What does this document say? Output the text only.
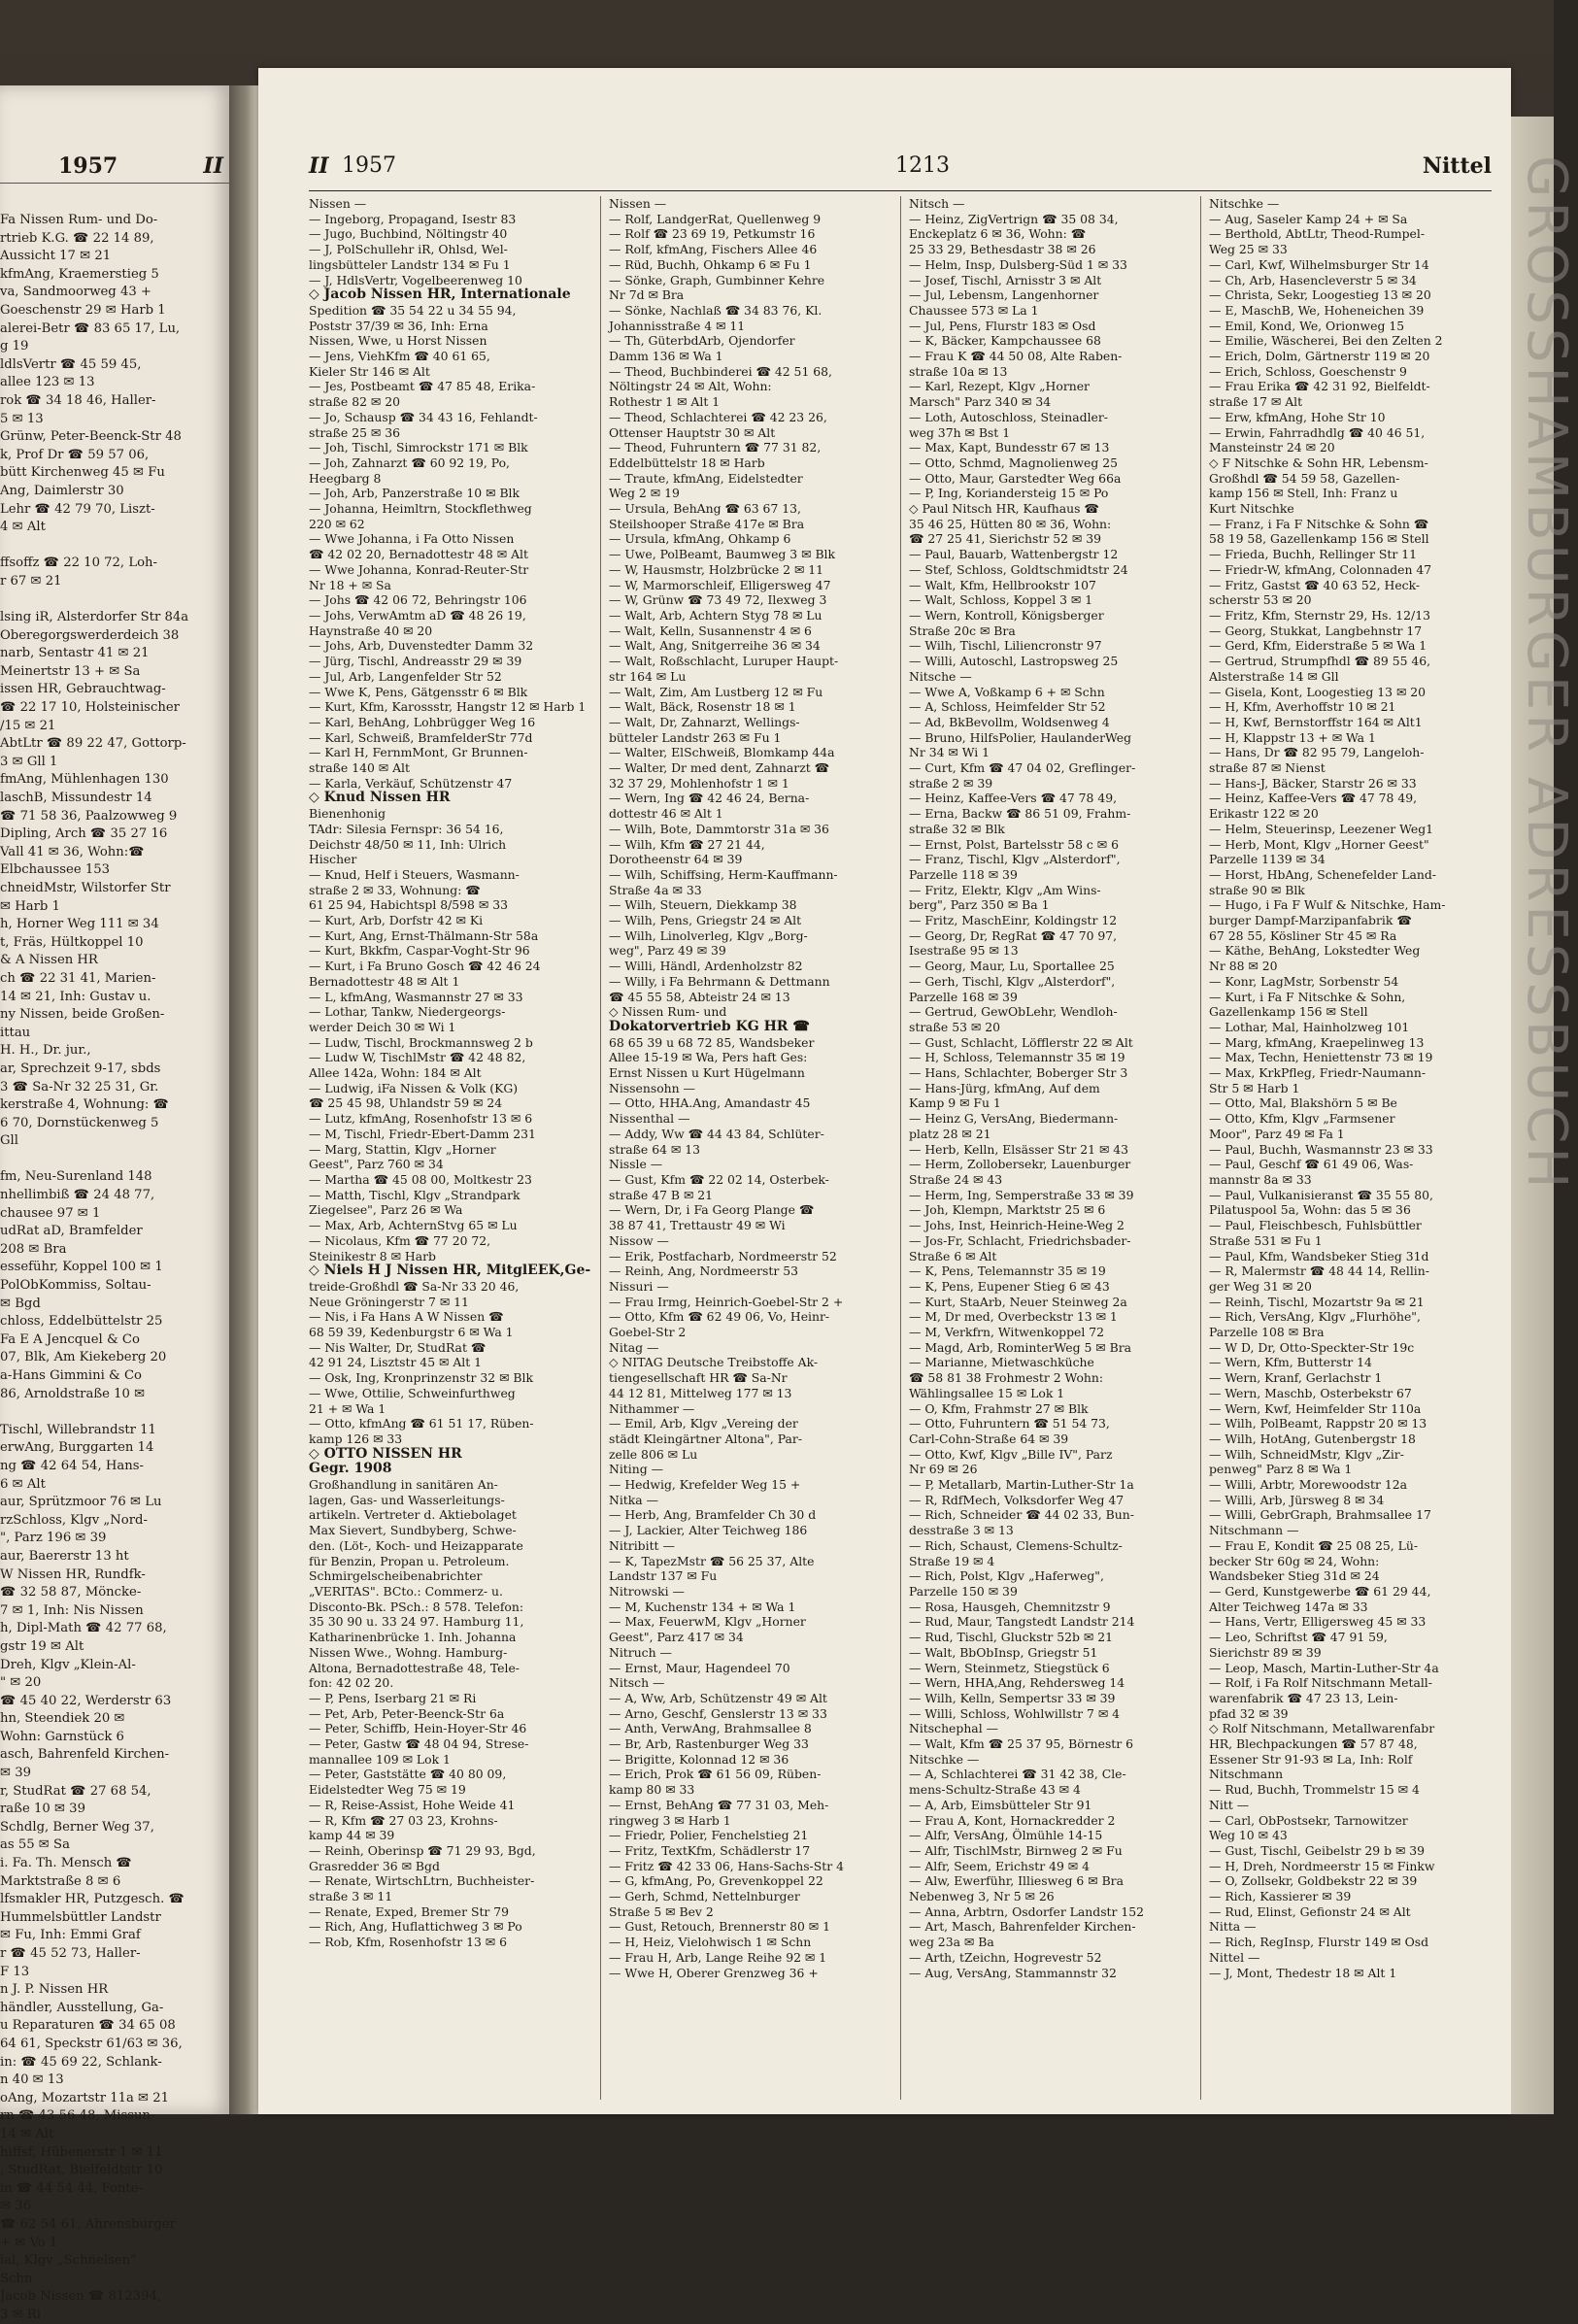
1957	II
Fa Nissen Rum- und Do-
rtrieb K.G. ☎ 22 14 89,
Aussicht 17 ✉ 21
kfmAng, Kraemerstieg 5
va, Sandmoorweg 43 +
Goeschenstr 29 ✉ Harb 1
alerei-Betr ☎ 83 65 17, Lu,
g 19
ldlsVertr ☎ 45 59 45,
allee 123 ✉ 13
rok ☎ 34 18 46, Haller-
5 ✉ 13
Grünw, Peter-Beenck-Str 48
k, Prof Dr ☎ 59 57 06,
bütt Kirchenweg 45 ✉ Fu
Ang, Daimlerstr 30
Lehr ☎ 42 79 70, Liszt-
4 ✉ Alt

ffsoffz ☎ 22 10 72, Loh-
r 67 ✉ 21

lsing iR, Alsterdorfer Str 84a
Oberegorgswerderdeich 38
narb, Sentastr 41 ✉ 21
Meinertstr 13 + ✉ Sa
issen HR, Gebrauchtwag-
☎ 22 17 10, Holsteinischer
/15 ✉ 21
AbtLtr ☎ 89 22 47, Gottorp-
3 ✉ Gll 1
fmAng, Mühlenhagen 130
laschB, Missundestr 14
☎ 71 58 36, Paalzowweg 9
Dipling, Arch ☎ 35 27 16
Vall 41 ✉ 36, Wohn:☎
Elbchaussee 153
chneidMstr, Wilstorfer Str
✉ Harb 1
h, Horner Weg 111 ✉ 34
t, Fräs, Hültkoppel 10
& A Nissen HR
ch ☎ 22 31 41, Marien-
14 ✉ 21, Inh: Gustav u.
ny Nissen, beide Großen-
ittau
H. H., Dr. jur.,
ar, Sprechzeit 9-17, sbds
3 ☎ Sa-Nr 32 25 31, Gr.
kerstraße 4, Wohnung: ☎
6 70, Dornstückenweg 5
Gll

fm, Neu-Surenland 148
nhellimbiß ☎ 24 48 77,
chausee 97 ✉ 1
udRat aD, Bramfelder
208 ✉ Bra
esseführ, Koppel 100 ✉ 1
PolObKommiss, Soltau-
✉ Bgd
chloss, Eddelbüttelstr 25
Fa E A Jencquel & Co
07, Blk, Am Kiekeberg 20
a-Hans Gimmini & Co
86, Arnoldstraße 10 ✉

Tischl, Willebrandstr 11
erwAng, Burggarten 14
ng ☎ 42 64 54, Hans-
6 ✉ Alt
aur, Sprützmoor 76 ✉ Lu
rzSchloss, Klgv „Nord-
", Parz 196 ✉ 39
aur, Baererstr 13 ht
W Nissen HR, Rundfk-
☎ 32 58 87, Möncke-
7 ✉ 1, Inh: Nis Nissen
h, Dipl-Math ☎ 42 77 68,
gstr 19 ✉ Alt
Dreh, Klgv „Klein-Al-
" ✉ 20
☎ 45 40 22, Werderstr 63
hn, Steendiek 20 ✉
Wohn: Garnstück 6
asch, Bahrenfeld Kirchen-
✉ 39
r, StudRat ☎ 27 68 54,
raße 10 ✉ 39
Schdlg, Berner Weg 37,
as 55 ✉ Sa
i. Fa. Th. Mensch ☎
Marktstraße 8 ✉ 6
lfsmakler HR, Putzgesch. ☎
Hummelsbüttler Landstr
✉ Fu, Inh: Emmi Graf
r ☎ 45 52 73, Haller-
F 13
n J. P. Nissen HR
händler, Ausstellung, Ga-
u Reparaturen ☎ 34 65 08
64 61, Speckstr 61/63 ✉ 36,
in: ☎ 45 69 22, Schlank-
n 40 ✉ 13
oAng, Mozartstr 11a ✉ 21
rn ☎ 43 56 48, Missun-
14 ✉ Alt
hiffsf, Hübenerstr 1 ✉ 11
, StudRat, Bielfeldtstr 10
in ☎ 44 54 44, Fonte-
✉ 36
☎ 62 54 61, Ahrensburger
+ ✉ Vo 1
ial, Klgv „Schnelsen"
Schn
Jacob Nissen ☎ 812394,
3 ✉ Ri
II 1957	1213	Nittel
Nissen —
— Ingeborg, Propagand, Isestr 83
— Jugo, Buchbind, Nöltingstr 40
— J, PolSchullehr iR, Ohlsd, Wel-
lingsbütteler Landstr 134 ✉ Fu 1
— J, HdlsVertr, Vogelbeerenweg 10
◇ Jacob Nissen HR, Internationale
Spedition ☎ 35 54 22 u 34 55 94,
Poststr 37/39 ✉ 36, Inh: Erna
Nissen, Wwe, u Horst Nissen
— Jens, ViehKfm ☎ 40 61 65,
Kieler Str 146 ✉ Alt
— Jes, Postbeamt ☎ 47 85 48, Erika-
straße 82 ✉ 20
— Jo, Schausp ☎ 34 43 16, Fehlandt-
straße 25 ✉ 36
— Joh, Tischl, Simrockstr 171 ✉ Blk
— Joh, Zahnarzt ☎ 60 92 19, Po,
Heegbarg 8
— Joh, Arb, Panzerstraße 10 ✉ Blk
— Johanna, Heimltrn, Stockflethweg
220 ✉ 62
— Wwe Johanna, i Fa Otto Nissen
☎ 42 02 20, Bernadottestr 48 ✉ Alt
— Wwe Johanna, Konrad-Reuter-Str
Nr 18 + ✉ Sa
— Johs ☎ 42 06 72, Behringstr 106
— Johs, VerwAmtm aD ☎ 48 26 19,
Haynstraße 40 ✉ 20
— Johs, Arb, Duvenstedter Damm 32
— Jürg, Tischl, Andreasstr 29 ✉ 39
— Jul, Arb, Langenfelder Str 52
— Wwe K, Pens, Gätgensstr 6 ✉ Blk
— Kurt, Kfm, Karossstr, Hangstr 12 ✉ Harb 1
— Karl, BehAng, Lohbrügger Weg 16
— Karl, Schweiß, BramfelderStr 77d
— Karl H, FernmMont, Gr Brunnen-
straße 140 ✉ Alt
— Karla, Verkäuf, Schützenstr 47
◇ Knud Nissen HR
Bienenhonig
TAdr: Silesia Fernspr: 36 54 16,
Deichstr 48/50 ✉ 11, Inh: Ulrich
Hischer
— Knud, Helf i Steuers, Wasmann-
straße 2 ✉ 33, Wohnung: ☎
61 25 94, Habichtspl 8/598 ✉ 33
— Kurt, Arb, Dorfstr 42 ✉ Ki
— Kurt, Ang, Ernst-Thälmann-Str 58a
— Kurt, Bkkfm, Caspar-Voght-Str 96
— Kurt, i Fa Bruno Gosch ☎ 42 46 24
Bernadottestr 48 ✉ Alt 1
— L, kfmAng, Wasmannstr 27 ✉ 33
— Lothar, Tankw, Niedergeorgs-
werder Deich 30 ✉ Wi 1
— Ludw, Tischl, Brockmannsweg 2 b
— Ludw W, TischlMstr ☎ 42 48 82,
Allee 142a, Wohn: 184 ✉ Alt
— Ludwig, iFa Nissen & Volk (KG)
☎ 25 45 98, Uhlandstr 59 ✉ 24
— Lutz, kfmAng, Rosenhofstr 13 ✉ 6
— M, Tischl, Friedr-Ebert-Damm 231
— Marg, Stattin, Klgv „Horner
Geest", Parz 760 ✉ 34
— Martha ☎ 45 08 00, Moltkestr 23
— Matth, Tischl, Klgv „Strandpark
Ziegelsee", Parz 26 ✉ Wa
— Max, Arb, AchternStvg 65 ✉ Lu
— Nicolaus, Kfm ☎ 77 20 72,
Steinikestr 8 ✉ Harb
◇ Niels H J Nissen HR, MitglEEK,Ge-
treide-Großhdl ☎ Sa-Nr 33 20 46,
Neue Gröningerstr 7 ✉ 11
— Nis, i Fa Hans A W Nissen ☎
68 59 39, Kedenburgstr 6 ✉ Wa 1
— Nis Walter, Dr, StudRat ☎
42 91 24, Lisztstr 45 ✉ Alt 1
— Osk, Ing, Kronprinzenstr 32 ✉ Blk
— Wwe, Ottilie, Schweinfurthweg
21 + ✉ Wa 1
— Otto, kfmAng ☎ 61 51 17, Rüben-
kamp 126 ✉ 33
◇ OTTO NISSEN HR
Gegr. 1908
Großhandlung in sanitären An-
lagen, Gas- und Wasserleitungs-
artikeln. Vertreter d. Aktiebolaget
Max Sievert, Sundbyberg, Schwe-
den. (Löt-, Koch- und Heizapparate
für Benzin, Propan u. Petroleum.
Schmirgelscheibenabrichter
„VERITAS". BCto.: Commerz- u.
Disconto-Bk. PSch.: 8 578. Telefon:
35 30 90 u. 33 24 97. Hamburg 11,
Katharinenbrücke 1. Inh. Johanna
Nissen Wwe., Wohng. Hamburg-
Altona, Bernadottestraße 48, Tele-
fon: 42 02 20.
— P, Pens, Iserbarg 21 ✉ Ri
— Pet, Arb, Peter-Beenck-Str 6a
— Peter, Schiffb, Hein-Hoyer-Str 46
— Peter, Gastw ☎ 48 04 94, Strese-
mannallee 109 ✉ Lok 1
— Peter, Gaststätte ☎ 40 80 09,
Eidelstedter Weg 75 ✉ 19
— R, Reise-Assist, Hohe Weide 41
— R, Kfm ☎ 27 03 23, Krohns-
kamp 44 ✉ 39
— Reinh, Oberinsp ☎ 71 29 93, Bgd,
Grasredder 36 ✉ Bgd
— Renate, WirtschLtrn, Buchheister-
straße 3 ✉ 11
— Renate, Exped, Bremer Str 79
— Rich, Ang, Huflattichweg 3 ✉ Po
— Rob, Kfm, Rosenhofstr 13 ✉ 6
Nissen —
— Rolf, LandgerRat, Quellenweg 9
— Rolf ☎ 23 69 19, Petkumstr 16
— Rolf, kfmAng, Fischers Allee 46
— Rüd, Buchh, Ohkamp 6 ✉ Fu 1
— Sönke, Graph, Gumbinner Kehre
Nr 7d ✉ Bra
— Sönke, Nachlaß ☎ 34 83 76, Kl.
Johannisstraße 4 ✉ 11
— Th, GüterbdArb, Ojendorfer
Damm 136 ✉ Wa 1
— Theod, Buchbinderei ☎ 42 51 68,
Nöltingstr 24 ✉ Alt, Wohn:
Rothestr 1 ✉ Alt 1
— Theod, Schlachterei ☎ 42 23 26,
Ottenser Hauptstr 30 ✉ Alt
— Theod, Fuhruntern ☎ 77 31 82,
Eddelbüttelstr 18 ✉ Harb
— Traute, kfmAng, Eidelstedter
Weg 2 ✉ 19
— Ursula, BehAng ☎ 63 67 13,
Steilshooper Straße 417e ✉ Bra
— Ursula, kfmAng, Ohkamp 6
— Uwe, PolBeamt, Baumweg 3 ✉ Blk
— W, Hausmstr, Holzbrücke 2 ✉ 11
— W, Marmorschleif, Elligersweg 47
— W, Grünw ☎ 73 49 72, Ilexweg 3
— Walt, Arb, Achtern Styg 78 ✉ Lu
— Walt, Kelln, Susannenstr 4 ✉ 6
— Walt, Ang, Snitgerreihe 36 ✉ 34
— Walt, Roßschlacht, Luruper Haupt-
str 164 ✉ Lu
— Walt, Zim, Am Lustberg 12 ✉ Fu
— Walt, Bäck, Rosenstr 18 ✉ 1
— Walt, Dr, Zahnarzt, Wellings-
bütteler Landstr 263 ✉ Fu 1
— Walter, ElSchweiß, Blomkamp 44a
— Walter, Dr med dent, Zahnarzt ☎
32 37 29, Mohlenhofstr 1 ✉ 1
— Wern, Ing ☎ 42 46 24, Berna-
dottestr 46 ✉ Alt 1
— Wilh, Bote, Dammtorstr 31a ✉ 36
— Wilh, Kfm ☎ 27 21 44,
Dorotheenstr 64 ✉ 39
— Wilh, Schiffsing, Herm-Kauffmann-
Straße 4a ✉ 33
— Wilh, Steuern, Diekkamp 38
— Wilh, Pens, Griegstr 24 ✉ Alt
— Wilh, Linolverleg, Klgv „Borg-
weg", Parz 49 ✉ 39
— Willi, Händl, Ardenholzstr 82
— Willy, i Fa Behrmann & Dettmann
☎ 45 55 58, Abteistr 24 ✉ 13
◇ Nissen Rum- und
Dokatorvertrieb KG HR ☎
68 65 39 u 68 72 85, Wandsbeker
Allee 15-19 ✉ Wa, Pers haft Ges:
Ernst Nissen u Kurt Hügelmann
Nissensohn —
— Otto, HHA.Ang, Amandastr 45
Nissenthal —
— Addy, Ww ☎ 44 43 84, Schlüter-
straße 64 ✉ 13
Nissle —
— Gust, Kfm ☎ 22 02 14, Osterbek-
straße 47 B ✉ 21
— Wern, Dr, i Fa Georg Plange ☎
38 87 41, Trettaustr 49 ✉ Wi
Nissow —
— Erik, Postfacharb, Nordmeerstr 52
— Reinh, Ang, Nordmeerstr 53
Nissuri —
— Frau Irmg, Heinrich-Goebel-Str 2 +
— Otto, Kfm ☎ 62 49 06, Vo, Heinr-
Goebel-Str 2
Nitag —
◇ NITAG Deutsche Treibstoffe Ak-
tiengesellschaft HR ☎ Sa-Nr
44 12 81, Mittelweg 177 ✉ 13
Nithammer —
— Emil, Arb, Klgv „Vereing der
städt Kleingärtner Altona", Par-
zelle 806 ✉ Lu
Niting —
— Hedwig, Krefelder Weg 15 +
Nitka —
— Herb, Ang, Bramfelder Ch 30 d
— J, Lackier, Alter Teichweg 186
Nitribitt —
— K, TapezMstr ☎ 56 25 37, Alte
Landstr 137 ✉ Fu
Nitrowski —
— M, Kuchenstr 134 + ✉ Wa 1
— Max, FeuerwM, Klgv „Horner
Geest", Parz 417 ✉ 34
Nitruch —
— Ernst, Maur, Hagendeel 70
Nitsch —
— A, Ww, Arb, Schützenstr 49 ✉ Alt
— Arno, Geschf, Genslerstr 13 ✉ 33
— Anth, VerwAng, Brahmsallee 8
— Br, Arb, Rastenburger Weg 33
— Brigitte, Kolonnad 12 ✉ 36
— Erich, Prok ☎ 61 56 09, Rüben-
kamp 80 ✉ 33
— Ernst, BehAng ☎ 77 31 03, Meh-
ringweg 3 ✉ Harb 1
— Friedr, Polier, Fenchelstieg 21
— Fritz, TextKfm, Schädlerstr 17
— Fritz ☎ 42 33 06, Hans-Sachs-Str 4
— G, kfmAng, Po, Grevenkoppel 22
— Gerh, Schmd, Nettelnburger
Straße 5 ✉ Bev 2
— Gust, Retouch, Brennerstr 80 ✉ 1
— H, Heiz, Vielohwisch 1 ✉ Schn
— Frau H, Arb, Lange Reihe 92 ✉ 1
— Wwe H, Oberer Grenzweg 36 +
Nitsch —
— Heinz, ZigVertrign ☎ 35 08 34,
Enckeplatz 6 ✉ 36, Wohn: ☎
25 33 29, Bethesdastr 38 ✉ 26
— Helm, Insp, Dulsberg-Süd 1 ✉ 33
— Josef, Tischl, Arnisstr 3 ✉ Alt
— Jul, Lebensm, Langenhorner
Chaussee 573 ✉ La 1
— Jul, Pens, Flurstr 183 ✉ Osd
— K, Bäcker, Kampchaussee 68
— Frau K ☎ 44 50 08, Alte Raben-
straße 10a ✉ 13
— Karl, Rezept, Klgv „Horner
Marsch" Parz 340 ✉ 34
— Loth, Autoschloss, Steinadler-
weg 37h ✉ Bst 1
— Max, Kapt, Bundesstr 67 ✉ 13
— Otto, Schmd, Magnolienweg 25
— Otto, Maur, Garstedter Weg 66a
— P, Ing, Koriandersteig 15 ✉ Po
◇ Paul Nitsch HR, Kaufhaus ☎
35 46 25, Hütten 80 ✉ 36, Wohn:
☎ 27 25 41, Sierichstr 52 ✉ 39
— Paul, Bauarb, Wattenbergstr 12
— Stef, Schloss, Goldtschmidtstr 24
— Walt, Kfm, Hellbrookstr 107
— Walt, Schloss, Koppel 3 ✉ 1
— Wern, Kontroll, Königsberger
Straße 20c ✉ Bra
— Wilh, Tischl, Liliencronstr 97
— Willi, Autoschl, Lastropsweg 25
Nitsche —
— Wwe A, Voßkamp 6 + ✉ Schn
— A, Schloss, Heimfelder Str 52
— Ad, BkBevollm, Woldsenweg 4
— Bruno, HilfsPolier, HaulanderWeg
Nr 34 ✉ Wi 1
— Curt, Kfm ☎ 47 04 02, Greflinger-
straße 2 ✉ 39
— Heinz, Kaffee-Vers ☎ 47 78 49,
— Erna, Backw ☎ 86 51 09, Frahm-
straße 32 ✉ Blk
— Ernst, Polst, Bartelsstr 58 c ✉ 6
— Franz, Tischl, Klgv „Alsterdorf",
Parzelle 118 ✉ 39
— Fritz, Elektr, Klgv „Am Wins-
berg", Parz 350 ✉ Ba 1
— Fritz, MaschEinr, Koldingstr 12
— Georg, Dr, RegRat ☎ 47 70 97,
Isestraße 95 ✉ 13
— Georg, Maur, Lu, Sportallee 25
— Gerh, Tischl, Klgv „Alsterdorf",
Parzelle 168 ✉ 39
— Gertrud, GewObLehr, Wendloh-
straße 53 ✉ 20
— Gust, Schlacht, Löfflerstr 22 ✉ Alt
— H, Schloss, Telemannstr 35 ✉ 19
— Hans, Schlachter, Boberger Str 3
— Hans-Jürg, kfmAng, Auf dem
Kamp 9 ✉ Fu 1
— Heinz G, VersAng, Biedermann-
platz 28 ✉ 21
— Herb, Kelln, Elsässer Str 21 ✉ 43
— Herm, Zollobersekr, Lauenburger
Straße 24 ✉ 43
— Herm, Ing, Semperstraße 33 ✉ 39
— Joh, Klempn, Marktstr 25 ✉ 6
— Johs, Inst, Heinrich-Heine-Weg 2
— Jos-Fr, Schlacht, Friedrichsbader-
Straße 6 ✉ Alt
— K, Pens, Telemannstr 35 ✉ 19
— K, Pens, Eupener Stieg 6 ✉ 43
— Kurt, StaArb, Neuer Steinweg 2a
— M, Dr med, Overbeckstr 13 ✉ 1
— M, Verkfrn, Witwenkoppel 72
— Magd, Arb, RominterWeg 5 ✉ Bra
— Marianne, Mietwaschküche
☎ 58 81 38 Frohmestr 2 Wohn:
Wählingsallee 15 ✉ Lok 1
— O, Kfm, Frahmstr 27 ✉ Blk
— Otto, Fuhruntern ☎ 51 54 73,
Carl-Cohn-Straße 64 ✉ 39
— Otto, Kwf, Klgv „Bille IV", Parz
Nr 69 ✉ 26
— P, Metallarb, Martin-Luther-Str 1a
— R, RdfMech, Volksdorfer Weg 47
— Rich, Schneider ☎ 44 02 33, Bun-
desstraße 3 ✉ 13
— Rich, Schaust, Clemens-Schultz-
Straße 19 ✉ 4
— Rich, Polst, Klgv „Haferweg",
Parzelle 150 ✉ 39
— Rosa, Hausgeh, Chemnitzstr 9
— Rud, Maur, Tangstedt Landstr 214
— Rud, Tischl, Gluckstr 52b ✉ 21
— Walt, BbObInsp, Griegstr 51
— Wern, Steinmetz, Stiegstück 6
— Wern, HHA,Ang, Rehdersweg 14
— Wilh, Kelln, Sempertsr 33 ✉ 39
— Willi, Schloss, Wohlwillstr 7 ✉ 4
Nitschephal —
— Walt, Kfm ☎ 25 37 95, Börnestr 6
Nitschke —
— A, Schlachterei ☎ 31 42 38, Cle-
mens-Schultz-Straße 43 ✉ 4
— A, Arb, Eimsbütteler Str 91
— Frau A, Kont, Hornackredder 2
— Alfr, VersAng, Ölmühle 14-15
— Alfr, TischlMstr, Birnweg 2 ✉ Fu
— Alfr, Seem, Erichstr 49 ✉ 4
— Alw, Ewerführ, Illiesweg 6 ✉ Bra
Nebenweg 3, Nr 5 ✉ 26
— Anna, Arbtrn, Osdorfer Landstr 152
— Art, Masch, Bahrenfelder Kirchen-
weg 23a ✉ Ba
— Arth, tZeichn, Hogrevestr 52
— Aug, VersAng, Stammannstr 32
Nitschke —
— Aug, Saseler Kamp 24 + ✉ Sa
— Berthold, AbtLtr, Theod-Rumpel-
Weg 25 ✉ 33
— Carl, Kwf, Wilhelmsburger Str 14
— Ch, Arb, Hasencleverstr 5 ✉ 34
— Christa, Sekr, Loogestieg 13 ✉ 20
— E, MaschB, We, Hoheneichen 39
— Emil, Kond, We, Orionweg 15
— Emilie, Wäscherei, Bei den Zelten 2
— Erich, Dolm, Gärtnerstr 119 ✉ 20
— Erich, Schloss, Goeschenstr 9
— Frau Erika ☎ 42 31 92, Bielfeldt-
straße 17 ✉ Alt
— Erw, kfmAng, Hohe Str 10
— Erwin, Fahrradhdlg ☎ 40 46 51,
Mansteinstr 24 ✉ 20
◇ F Nitschke & Sohn HR, Lebensm-
Großhdl ☎ 54 59 58, Gazellen-
kamp 156 ✉ Stell, Inh: Franz u
Kurt Nitschke
— Franz, i Fa F Nitschke & Sohn ☎
58 19 58, Gazellenkamp 156 ✉ Stell
— Frieda, Buchh, Rellinger Str 11
— Friedr-W, kfmAng, Colonnaden 47
— Fritz, Gastst ☎ 40 63 52, Heck-
scherstr 53 ✉ 20
— Fritz, Kfm, Sternstr 29, Hs. 12/13
— Georg, Stukkat, Langbehnstr 17
— Gerd, Kfm, Eiderstraße 5 ✉ Wa 1
— Gertrud, Strumpfhdl ☎ 89 55 46,
Alsterstraße 14 ✉ Gll
— Gisela, Kont, Loogestieg 13 ✉ 20
— H, Kfm, Averhoffstr 10 ✉ 21
— H, Kwf, Bernstorffstr 164 ✉ Alt1
— H, Klappstr 13 + ✉ Wa 1
— Hans, Dr ☎ 82 95 79, Langeloh-
straße 87 ✉ Nienst
— Hans-J, Bäcker, Starstr 26 ✉ 33
— Heinz, Kaffee-Vers ☎ 47 78 49,
Erikastr 122 ✉ 20
— Helm, Steuerinsp, Leezener Weg1
— Herb, Mont, Klgv „Horner Geest"
Parzelle 1139 ✉ 34
— Horst, HbAng, Schenefelder Land-
straße 90 ✉ Blk
— Hugo, i Fa F Wulf & Nitschke, Ham-
burger Dampf-Marzipanfabrik ☎
67 28 55, Kösliner Str 45 ✉ Ra
— Käthe, BehAng, Lokstedter Weg
Nr 88 ✉ 20
— Konr, LagMstr, Sorbenstr 54
— Kurt, i Fa F Nitschke & Sohn,
Gazellenkamp 156 ✉ Stell
— Lothar, Mal, Hainholzweg 101
— Marg, kfmAng, Kraepelinweg 13
— Max, Techn, Heniettenstr 73 ✉ 19
— Max, KrkPfleg, Friedr-Naumann-
Str 5 ✉ Harb 1
— Otto, Mal, Blakshörn 5 ✉ Be
— Otto, Kfm, Klgv „Farmsener
Moor", Parz 49 ✉ Fa 1
— Paul, Buchh, Wasmannstr 23 ✉ 33
— Paul, Geschf ☎ 61 49 06, Was-
mannstr 8a ✉ 33
— Paul, Vulkanisieranst ☎ 35 55 80,
Pilatuspool 5a, Wohn: das 5 ✉ 36
— Paul, Fleischbesch, Fuhlsbüttler
Straße 531 ✉ Fu 1
— Paul, Kfm, Wandsbeker Stieg 31d
— R, Malermstr ☎ 48 44 14, Rellin-
ger Weg 31 ✉ 20
— Reinh, Tischl, Mozartstr 9a ✉ 21
— Rich, VersAng, Klgv „Flurhöhe",
Parzelle 108 ✉ Bra
— W D, Dr, Otto-Speckter-Str 19c
— Wern, Kfm, Butterstr 14
— Wern, Kranf, Gerlachstr 1
— Wern, Maschb, Osterbekstr 67
— Wern, Kwf, Heimfelder Str 110a
— Wilh, PolBeamt, Rappstr 20 ✉ 13
— Wilh, HotAng, Gutenbergstr 18
— Wilh, SchneidMstr, Klgv „Zir-
penweg" Parz 8 ✉ Wa 1
— Willi, Arbtr, Morewoodstr 12a
— Willi, Arb, Jürsweg 8 ✉ 34
— Willi, GebrGraph, Brahmsallee 17
Nitschmann —
— Frau E, Kondit ☎ 25 08 25, Lü-
becker Str 60g ✉ 24, Wohn:
Wandsbeker Stieg 31d ✉ 24
— Gerd, Kunstgewerbe ☎ 61 29 44,
Alter Teichweg 147a ✉ 33
— Hans, Vertr, Elligersweg 45 ✉ 33
— Leo, Schriftst ☎ 47 91 59,
Sierichstr 89 ✉ 39
— Leop, Masch, Martin-Luther-Str 4a
— Rolf, i Fa Rolf Nitschmann Metall-
warenfabrik ☎ 47 23 13, Lein-
pfad 32 ✉ 39
◇ Rolf Nitschmann, Metallwarenfabr
HR, Blechpackungen ☎ 57 87 48,
Essener Str 91-93 ✉ La, Inh: Rolf
Nitschmann
— Rud, Buchh, Trommelstr 15 ✉ 4
Nitt —
— Carl, ObPostsekr, Tarnowitzer
Weg 10 ✉ 43
— Gust, Tischl, Geibelstr 29 b ✉ 39
— H, Dreh, Nordmeerstr 15 ✉ Finkw
— O, Zollsekr, Goldbekstr 22 ✉ 39
— Rich, Kassierer ✉ 39
— Rud, Elinst, Gefionstr 24 ✉ Alt
Nitta —
— Rich, RegInsp, Flurstr 149 ✉ Osd
Nittel —
— J, Mont, Thedestr 18 ✉ Alt 1
GROSSHAMBURGER ADRESSBUCH
